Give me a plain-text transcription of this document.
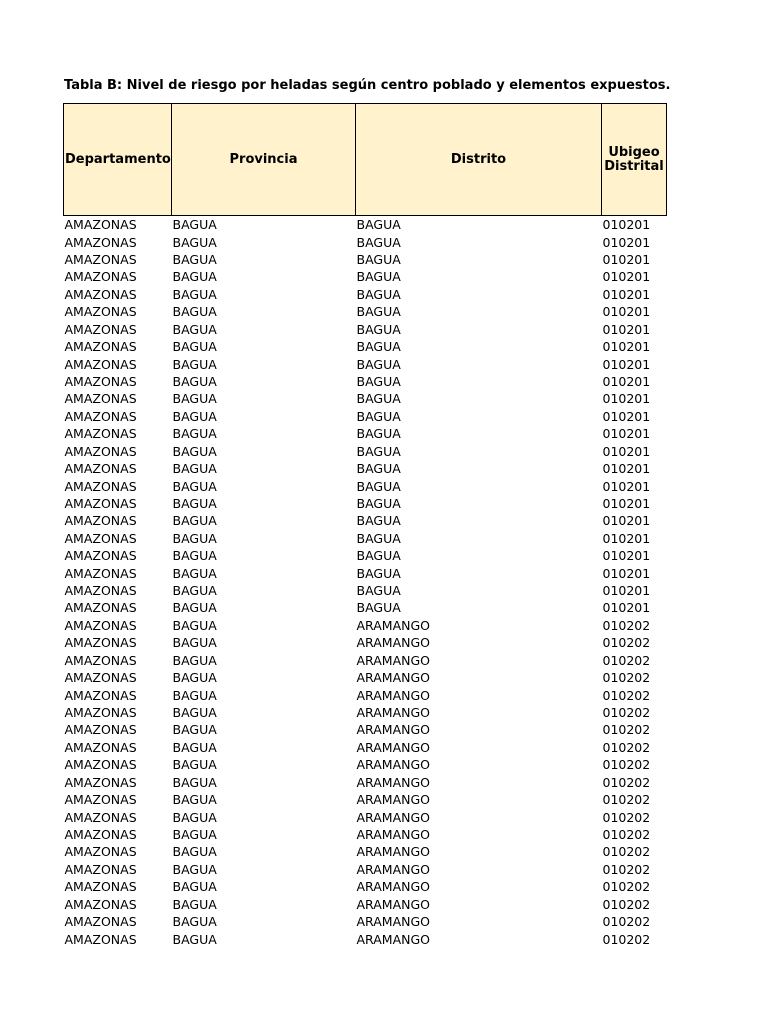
Tabla B: Nivel de riesgo por heladas según centro poblado y elementos expuestos.
Departamento	Provincia	Distrito	Ubigeo Distrital
AMAZONAS	BAGUA	BAGUA	010201
AMAZONAS	BAGUA	BAGUA	010201
AMAZONAS	BAGUA	BAGUA	010201
AMAZONAS	BAGUA	BAGUA	010201
AMAZONAS	BAGUA	BAGUA	010201
AMAZONAS	BAGUA	BAGUA	010201
AMAZONAS	BAGUA	BAGUA	010201
AMAZONAS	BAGUA	BAGUA	010201
AMAZONAS	BAGUA	BAGUA	010201
AMAZONAS	BAGUA	BAGUA	010201
AMAZONAS	BAGUA	BAGUA	010201
AMAZONAS	BAGUA	BAGUA	010201
AMAZONAS	BAGUA	BAGUA	010201
AMAZONAS	BAGUA	BAGUA	010201
AMAZONAS	BAGUA	BAGUA	010201
AMAZONAS	BAGUA	BAGUA	010201
AMAZONAS	BAGUA	BAGUA	010201
AMAZONAS	BAGUA	BAGUA	010201
AMAZONAS	BAGUA	BAGUA	010201
AMAZONAS	BAGUA	BAGUA	010201
AMAZONAS	BAGUA	BAGUA	010201
AMAZONAS	BAGUA	BAGUA	010201
AMAZONAS	BAGUA	BAGUA	010201
AMAZONAS	BAGUA	ARAMANGO	010202
AMAZONAS	BAGUA	ARAMANGO	010202
AMAZONAS	BAGUA	ARAMANGO	010202
AMAZONAS	BAGUA	ARAMANGO	010202
AMAZONAS	BAGUA	ARAMANGO	010202
AMAZONAS	BAGUA	ARAMANGO	010202
AMAZONAS	BAGUA	ARAMANGO	010202
AMAZONAS	BAGUA	ARAMANGO	010202
AMAZONAS	BAGUA	ARAMANGO	010202
AMAZONAS	BAGUA	ARAMANGO	010202
AMAZONAS	BAGUA	ARAMANGO	010202
AMAZONAS	BAGUA	ARAMANGO	010202
AMAZONAS	BAGUA	ARAMANGO	010202
AMAZONAS	BAGUA	ARAMANGO	010202
AMAZONAS	BAGUA	ARAMANGO	010202
AMAZONAS	BAGUA	ARAMANGO	010202
AMAZONAS	BAGUA	ARAMANGO	010202
AMAZONAS	BAGUA	ARAMANGO	010202
AMAZONAS	BAGUA	ARAMANGO	010202
